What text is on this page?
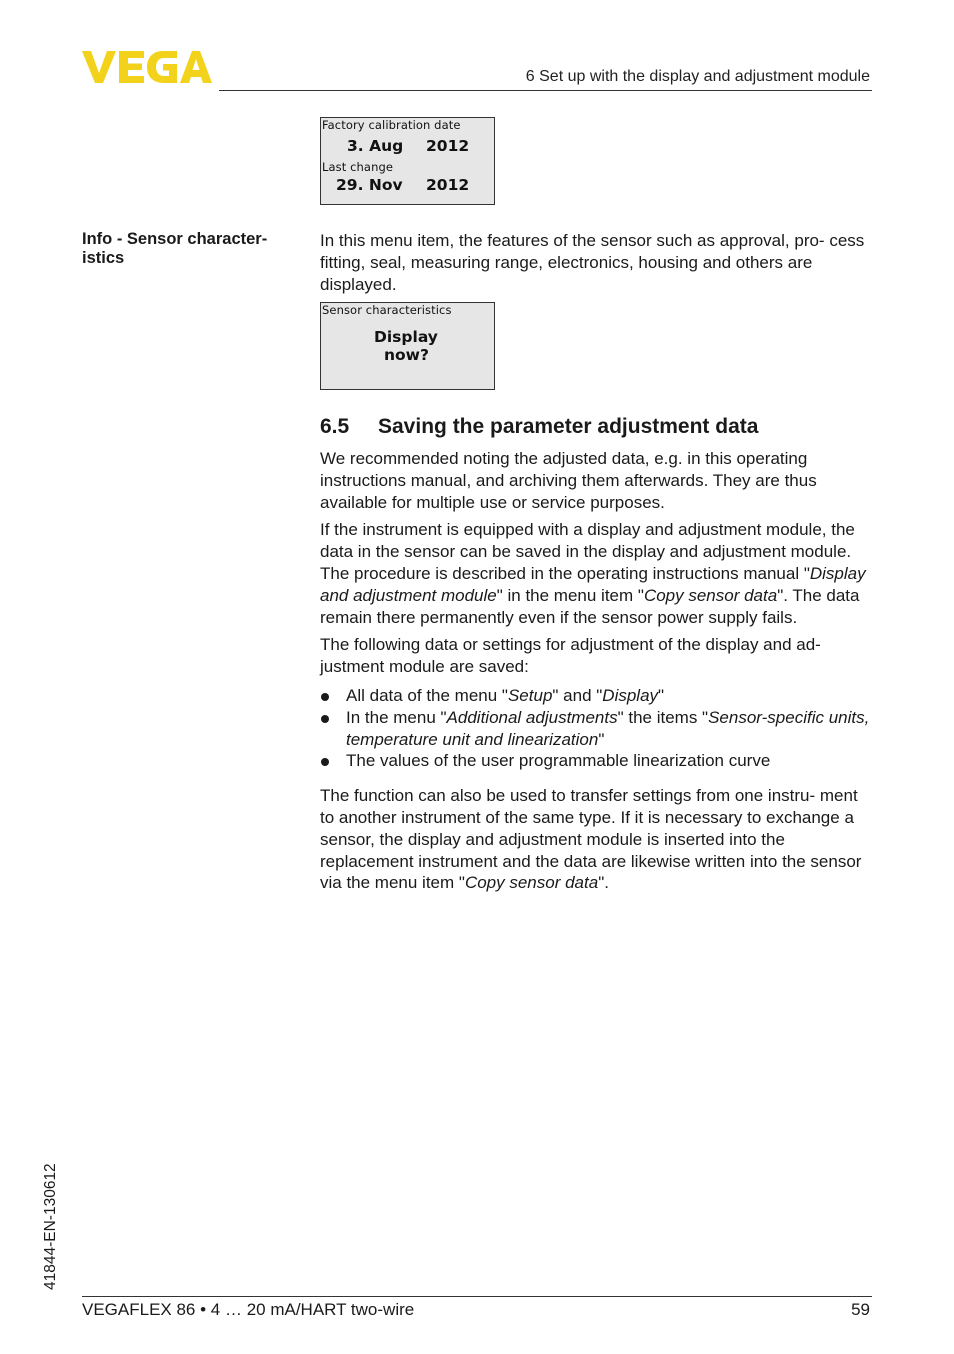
6 Set up with the display and adjustment module
Factory calibration date
3. Aug 2012
Last change
29. Nov 2012
Info - Sensor character- istics

In this menu item, the features of the sensor such as approval, pro- cess fitting, seal, measuring range, electronics, housing and others are displayed.

Sensor characteristics
Display
now?
6.5 Saving the parameter adjustment data

We recommended noting the adjusted data, e.g. in this operating instructions manual, and archiving them afterwards. They are thus available for multiple use or service purposes.

If the instrument is equipped with a display and adjustment module, the data in the sensor can be saved in the display and adjustment module. The procedure is described in the operating instructions manual "Display and adjustment module" in the menu item "Copy sensor data". The data remain there permanently even if the sensor power supply fails.

The following data or settings for adjustment of the display and ad- justment module are saved:

All data of the menu "Setup" and "Display"
In the menu "Additional adjustments" the items "Sensor-specific units, temperature unit and linearization"
The values of the user programmable linearization curve

The function can also be used to transfer settings from one instru- ment to another instrument of the same type. If it is necessary to exchange a sensor, the display and adjustment module is inserted into the replacement instrument and the data are likewise written into the sensor via the menu item "Copy sensor data".

41844-EN-130612
VEGAFLEX 86 • 4 … 20 mA/HART two-wire	59
